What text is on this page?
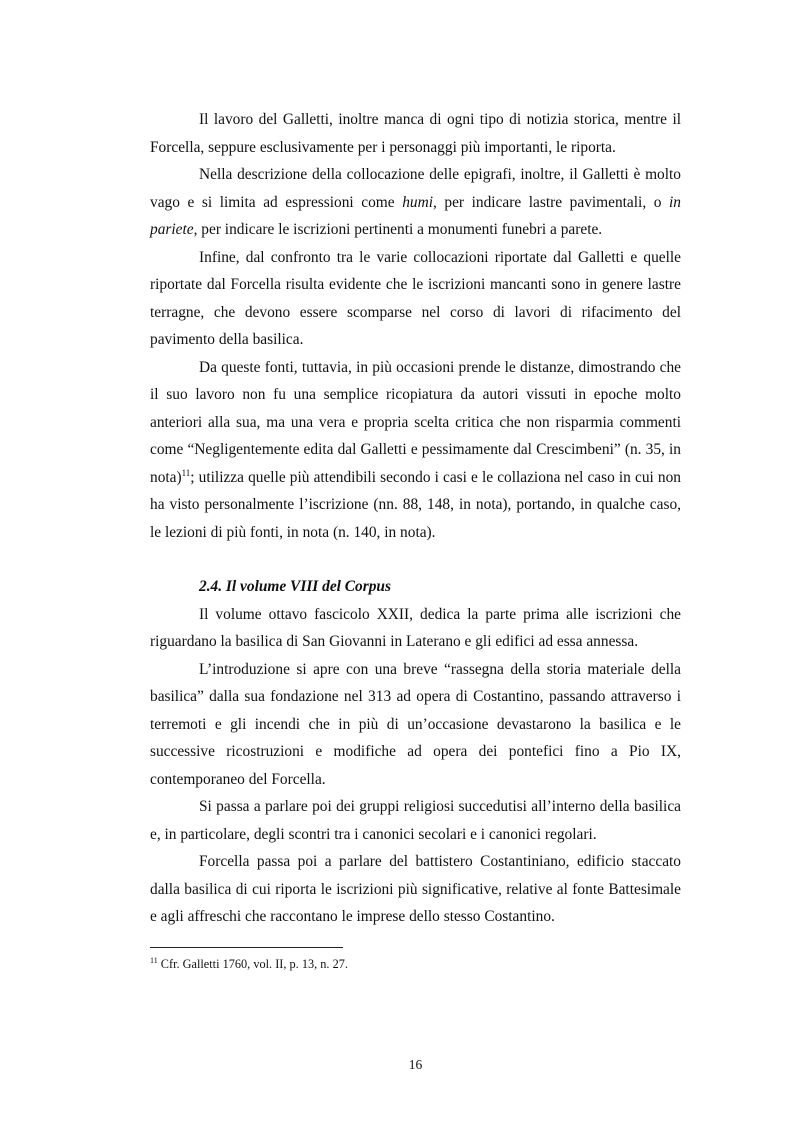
Il lavoro del Galletti, inoltre manca di ogni tipo di notizia storica, mentre il Forcella, seppure esclusivamente per i personaggi più importanti, le riporta.

Nella descrizione della collocazione delle epigrafi, inoltre, il Galletti è molto vago e si limita ad espressioni come humi, per indicare lastre pavimentali, o in pariete, per indicare le iscrizioni pertinenti a monumenti funebri a parete.

Infine, dal confronto tra le varie collocazioni riportate dal Galletti e quelle riportate dal Forcella risulta evidente che le iscrizioni mancanti sono in genere lastre terragne, che devono essere scomparse nel corso di lavori di rifacimento del pavimento della basilica.

Da queste fonti, tuttavia, in più occasioni prende le distanze, dimostrando che il suo lavoro non fu una semplice ricopiatura da autori vissuti in epoche molto anteriori alla sua, ma una vera e propria scelta critica che non risparmia commenti come “Negligentemente edita dal Galletti e pessimamente dal Crescimbeni” (n. 35, in nota)$^{11}$; utilizza quelle più attendibili secondo i casi e le collaziona nel caso in cui non ha visto personalmente l’iscrizione (nn. 88, 148, in nota), portando, in qualche caso, le lezioni di più fonti, in nota (n. 140, in nota).

2.4. Il volume VIII del Corpus

Il volume ottavo fascicolo XXII, dedica la parte prima alle iscrizioni che riguardano la basilica di San Giovanni in Laterano e gli edifici ad essa annessa.

L’introduzione si apre con una breve “rassegna della storia materiale della basilica” dalla sua fondazione nel 313 ad opera di Costantino, passando attraverso i terremoti e gli incendi che in più di un’occasione devastarono la basilica e le successive ricostruzioni e modifiche ad opera dei pontefici fino a Pio IX, contemporaneo del Forcella.

Si passa a parlare poi dei gruppi religiosi succedutisi all’interno della basilica e, in particolare, degli scontri tra i canonici secolari e i canonici regolari.

Forcella passa poi a parlare del battistero Costantiniano, edificio staccato dalla basilica di cui riporta le iscrizioni più significative, relative al fonte Battesimale e agli affreschi che raccontano le imprese dello stesso Costantino.

$^{11}$ Cfr. Galletti 1760, vol. II, p. 13, n. 27.
16
